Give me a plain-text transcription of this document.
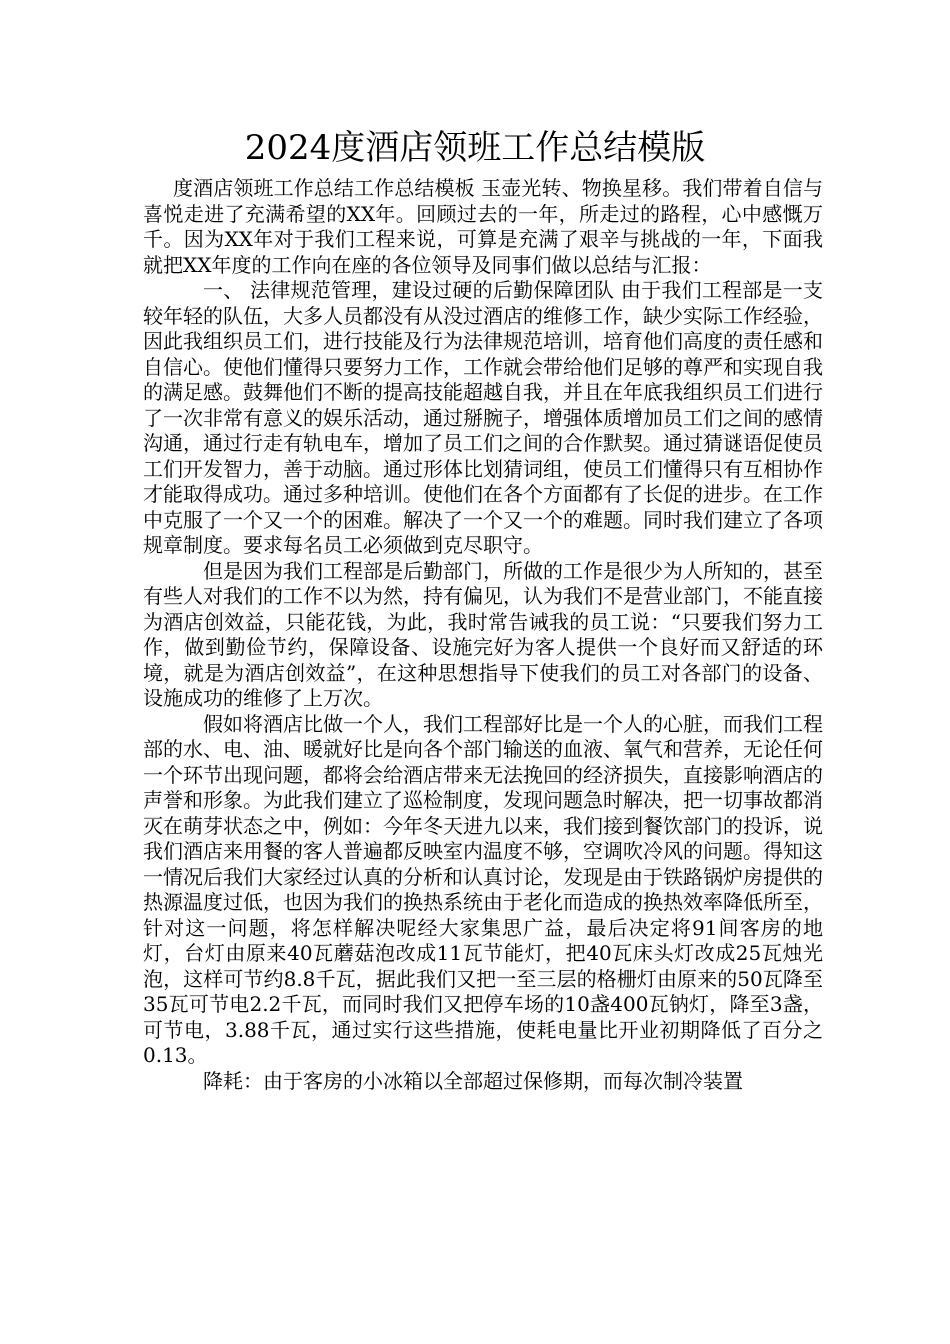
2024度酒店领班工作总结模版

度酒店领班工作总结工作总结模板 玉壶光转、物换星移。我们带着自信与喜悦走进了充满希望的XX年。回顾过去的一年，所走过的路程，心中感慨万千。因为XX年对于我们工程来说，可算是充满了艰辛与挑战的一年，下面我就把XX年度的工作向在座的各位领导及同事们做以总结与汇报：

一、 法律规范管理，建设过硬的后勤保障团队 由于我们工程部是一支较年轻的队伍，大多人员都没有从没过酒店的维修工作，缺少实际工作经验，因此我组织员工们，进行技能及行为法律规范培训，培育他们高度的责任感和自信心。使他们懂得只要努力工作，工作就会带给他们足够的尊严和实现自我的满足感。鼓舞他们不断的提高技能超越自我，并且在年底我组织员工们进行了一次非常有意义的娱乐活动，通过掰腕子，增强体质增加员工们之间的感情沟通，通过行走有轨电车，增加了员工们之间的合作默契。通过猜谜语促使员工们开发智力，善于动脑。通过形体比划猜词组，使员工们懂得只有互相协作才能取得成功。通过多种培训。使他们在各个方面都有了长促的进步。在工作中克服了一个又一个的困难。解决了一个又一个的难题。同时我们建立了各项规章制度。要求每名员工必须做到克尽职守。

但是因为我们工程部是后勤部门，所做的工作是很少为人所知的，甚至有些人对我们的工作不以为然，持有偏见，认为我们不是营业部门，不能直接为酒店创效益，只能花钱，为此，我时常告诫我的员工说：“只要我们努力工作，做到勤俭节约，保障设备、设施完好为客人提供一个良好而又舒适的环境，就是为酒店创效益”，在这种思想指导下使我们的员工对各部门的设备、设施成功的维修了上万次。

假如将酒店比做一个人，我们工程部好比是一个人的心脏，而我们工程部的水、电、油、暖就好比是向各个部门输送的血液、氧气和营养，无论任何一个环节出现问题，都将会给酒店带来无法挽回的经济损失，直接影响酒店的声誉和形象。为此我们建立了巡检制度，发现问题急时解决，把一切事故都消灭在萌芽状态之中，例如：今年冬天进九以来，我们接到餐饮部门的投诉，说我们酒店来用餐的客人普遍都反映室内温度不够，空调吹冷风的问题。得知这一情况后我们大家经过认真的分析和认真讨论，发现是由于铁路锅炉房提供的热源温度过低，也因为我们的换热系统由于老化而造成的换热效率降低所至，针对这一问题，将怎样解决呢经大家集思广益，最后决定将91间客房的地灯，台灯由原来40瓦蘑菇泡改成11瓦节能灯，把40瓦床头灯改成25瓦烛光泡，这样可节约8.8千瓦，据此我们又把一至三层的格栅灯由原来的50瓦降至35瓦可节电2.2千瓦，而同时我们又把停车场的10盏400瓦钠灯，降至3盏，可节电，3.88千瓦，通过实行这些措施，使耗电量比开业初期降低了百分之0.13。

降耗：由于客房的小冰箱以全部超过保修期，而每次制冷装置
